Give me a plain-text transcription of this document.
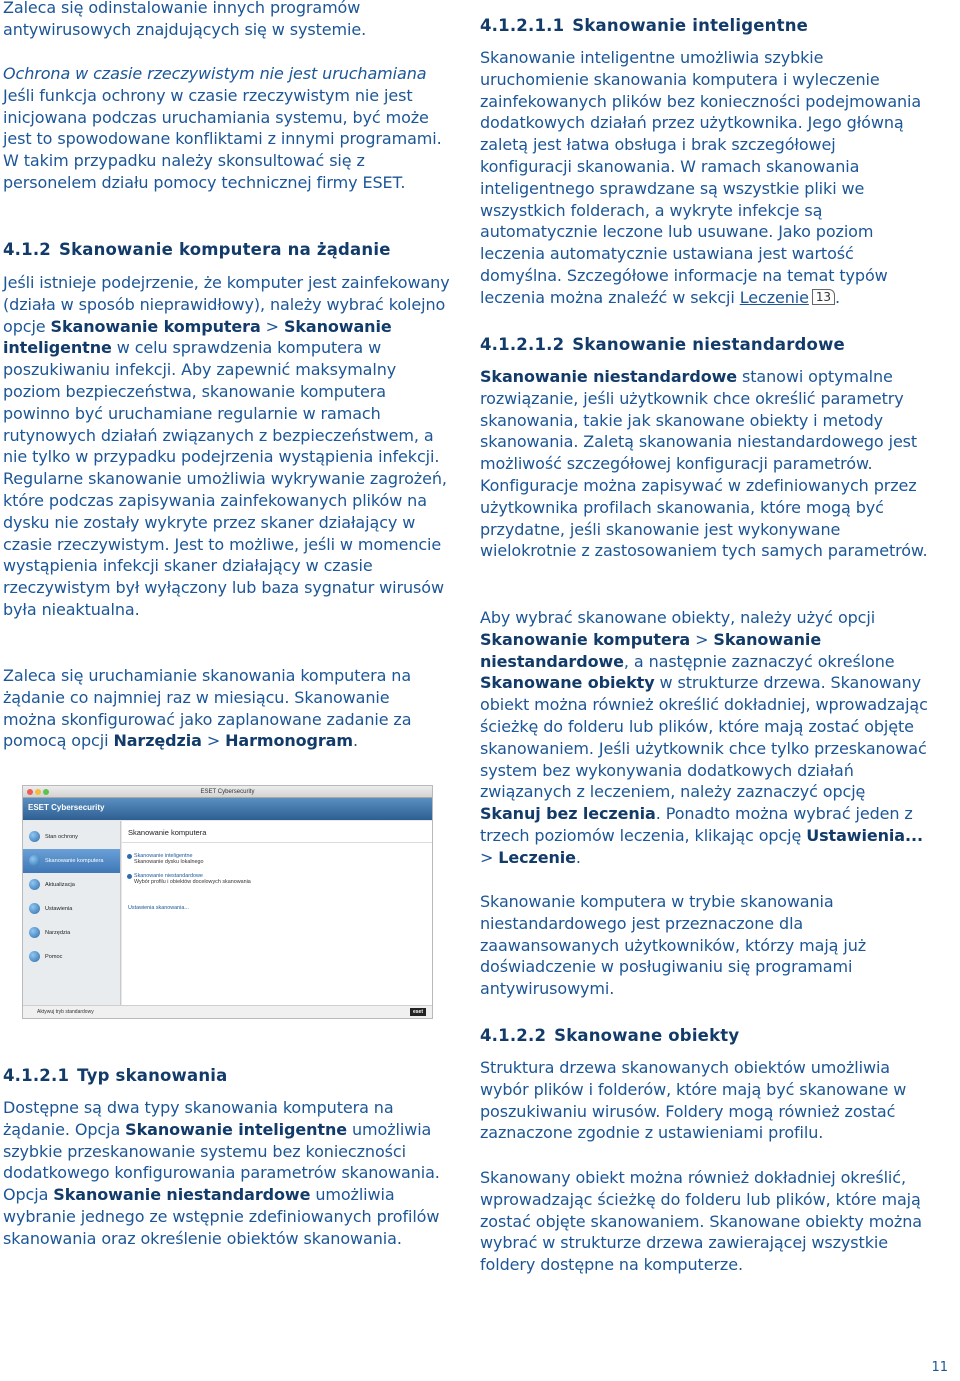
Zaleca się odinstalowanie innych programów antywirusowych znajdujących się w systemie.

Ochrona w czasie rzeczywistym nie jest uruchamiana
Jeśli funkcja ochrony w czasie rzeczywistym nie jest inicjowana podczas uruchamiania systemu, być może jest to spowodowane konfliktami z innymi programami. W takim przypadku należy skonsultować się z personelem działu pomocy technicznej firmy ESET.
4.1.2 Skanowanie komputera na żądanie

Jeśli istnieje podejrzenie, że komputer jest zainfekowany (działa w sposób nieprawidłowy), należy wybrać kolejno opcje Skanowanie komputera > Skanowanie inteligentne w celu sprawdzenia komputera w poszukiwaniu infekcji. Aby zapewnić maksymalny poziom bezpieczeństwa, skanowanie komputera powinno być uruchamiane regularnie w ramach rutynowych działań związanych z bezpieczeństwem, a nie tylko w przypadku podejrzenia wystąpienia infekcji. Regularne skanowanie umożliwia wykrywanie zagrożeń, które podczas zapisywania zainfekowanych plików na dysku nie zostały wykryte przez skaner działający w czasie rzeczywistym. Jest to możliwe, jeśli w momencie wystąpienia infekcji skaner działający w czasie rzeczywistym był wyłączony lub baza sygnatur wirusów była nieaktualna.

Zaleca się uruchamianie skanowania komputera na żądanie co najmniej raz w miesiącu. Skanowanie można skonfigurować jako zaplanowane zadanie za pomocą opcji Narzędzia > Harmonogram.

4.1.2.1 Typ skanowania

Dostępne są dwa typy skanowania komputera na żądanie. Opcja Skanowanie inteligentne umożliwia szybkie przeskanowanie systemu bez konieczności dodatkowego konfigurowania parametrów skanowania. Opcja Skanowanie niestandardowe umożliwia wybranie jednego ze wstępnie zdefiniowanych profilów skanowania oraz określenie obiektów skanowania.

ESET Cybersecurity
ESET Cybersecurity
Stan ochrony
Skanowanie komputera
Aktualizacja
Ustawienia
Narzędzia
Pomoc
Skanowanie komputera
Skanowanie inteligentne
Skanowanie dysku lokalnego
Skanowanie niestandardowe
Wybór profilu i obiektów docelowych skanowania
Ustawienia skanowania...
Aktywuj tryb standardowy	eset
4.1.2.1.1 Skanowanie inteligentne

Skanowanie inteligentne umożliwia szybkie uruchomienie skanowania komputera i wyleczenie zainfekowanych plików bez konieczności podejmowania dodatkowych działań przez użytkownika. Jego główną zaletą jest łatwa obsługa i brak szczegółowej konfiguracji skanowania. W ramach skanowania inteligentnego sprawdzane są wszystkie pliki we wszystkich folderach, a wykryte infekcje są automatycznie leczone lub usuwane. Jako poziom leczenia automatycznie ustawiana jest wartość domyślna. Szczegółowe informacje na temat typów leczenia można znaleźć w sekcji Leczenie 13 .

4.1.2.1.2 Skanowanie niestandardowe

Skanowanie niestandardowe stanowi optymalne rozwiązanie, jeśli użytkownik chce określić parametry skanowania, takie jak skanowane obiekty i metody skanowania. Zaletą skanowania niestandardowego jest możliwość szczegółowej konfiguracji parametrów. Konfiguracje można zapisywać w zdefiniowanych przez użytkownika profilach skanowania, które mogą być przydatne, jeśli skanowanie jest wykonywane wielokrotnie z zastosowaniem tych samych parametrów.

Aby wybrać skanowane obiekty, należy użyć opcji Skanowanie komputera > Skanowanie niestandardowe, a następnie zaznaczyć określone Skanowane obiekty w strukturze drzewa. Skanowany obiekt można również określić dokładniej, wprowadzając ścieżkę do folderu lub plików, które mają zostać objęte skanowaniem. Jeśli użytkownik chce tylko przeskanować system bez wykonywania dodatkowych działań związanych z leczeniem, należy zaznaczyć opcję Skanuj bez leczenia. Ponadto można wybrać jeden z trzech poziomów leczenia, klikając opcję Ustawienia... > Leczenie.

Skanowanie komputera w trybie skanowania niestandardowego jest przeznaczone dla zaawansowanych użytkowników, którzy mają już doświadczenie w posługiwaniu się programami antywirusowymi.

4.1.2.2 Skanowane obiekty

Struktura drzewa skanowanych obiektów umożliwia wybór plików i folderów, które mają być skanowane w poszukiwaniu wirusów. Foldery mogą również zostać zaznaczone zgodnie z ustawieniami profilu.

Skanowany obiekt można również dokładniej określić, wprowadzając ścieżkę do folderu lub plików, które mają zostać objęte skanowaniem. Skanowane obiekty można wybrać w strukturze drzewa zawierającej wszystkie foldery dostępne na komputerze.

11
